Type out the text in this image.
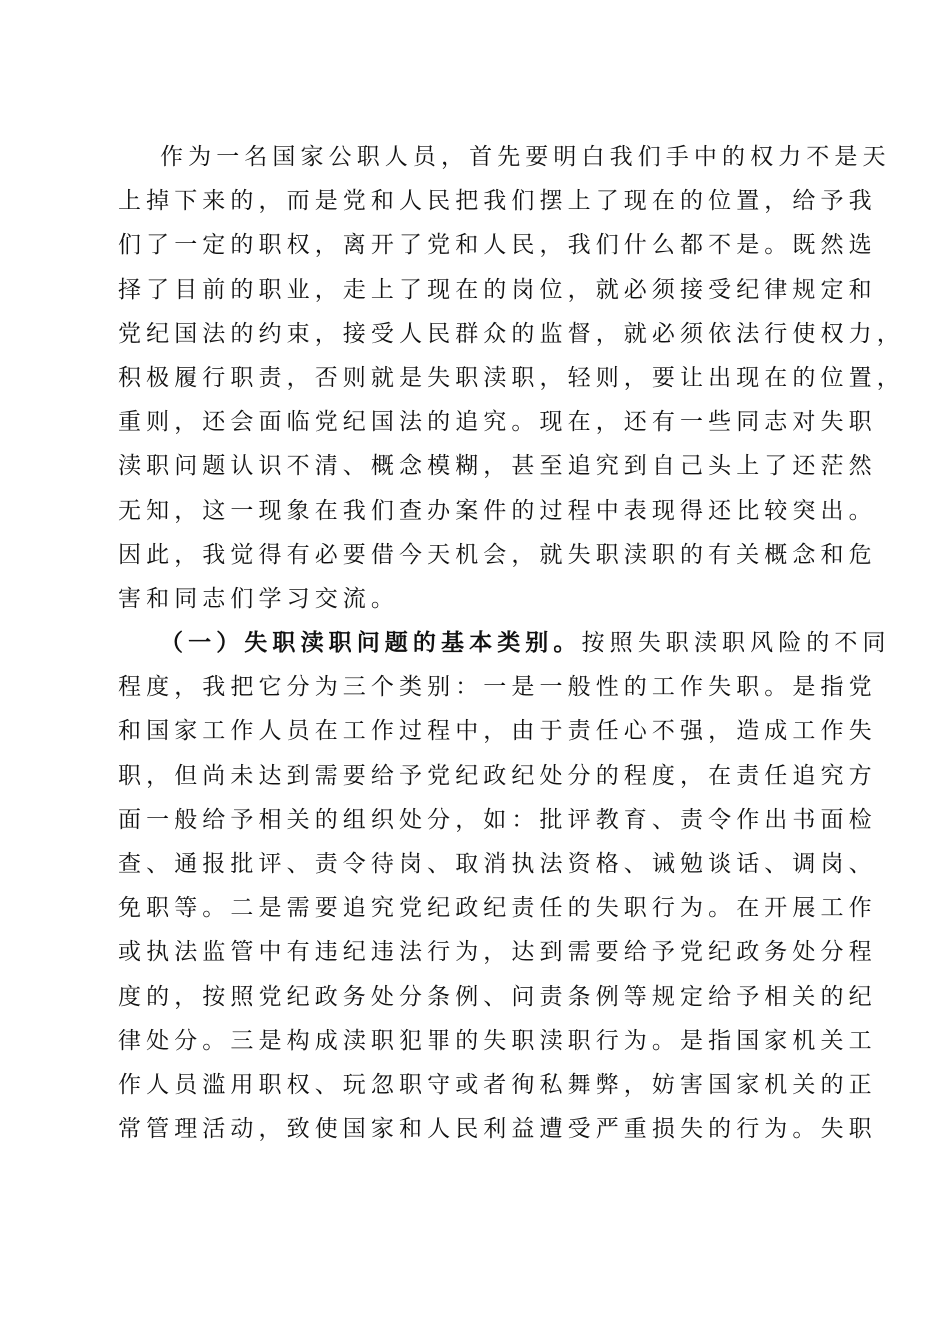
作为一名国家公职人员，首先要明白我们手中的权力不是天
上掉下来的，而是党和人民把我们摆上了现在的位置，给予我
们了一定的职权，离开了党和人民，我们什么都不是。既然选
择了目前的职业，走上了现在的岗位，就必须接受纪律规定和
党纪国法的约束，接受人民群众的监督，就必须依法行使权力，
积极履行职责，否则就是失职渎职，轻则，要让出现在的位置，
重则，还会面临党纪国法的追究。现在，还有一些同志对失职
渎职问题认识不清、概念模糊，甚至追究到自己头上了还茫然
无知，这一现象在我们查办案件的过程中表现得还比较突出。
因此，我觉得有必要借今天机会，就失职渎职的有关概念和危
害和同志们学习交流。
（一）失职渎职问题的基本类别。按照失职渎职风险的不同
程度，我把它分为三个类别：一是一般性的工作失职。是指党
和国家工作人员在工作过程中，由于责任心不强，造成工作失
职，但尚未达到需要给予党纪政纪处分的程度，在责任追究方
面一般给予相关的组织处分，如：批评教育、责令作出书面检
查、通报批评、责令待岗、取消执法资格、诫勉谈话、调岗、
免职等。二是需要追究党纪政纪责任的失职行为。在开展工作
或执法监管中有违纪违法行为，达到需要给予党纪政务处分程
度的，按照党纪政务处分条例、问责条例等规定给予相关的纪
律处分。三是构成渎职犯罪的失职渎职行为。是指国家机关工
作人员滥用职权、玩忽职守或者徇私舞弊，妨害国家机关的正
常管理活动，致使国家和人民利益遭受严重损失的行为。失职
